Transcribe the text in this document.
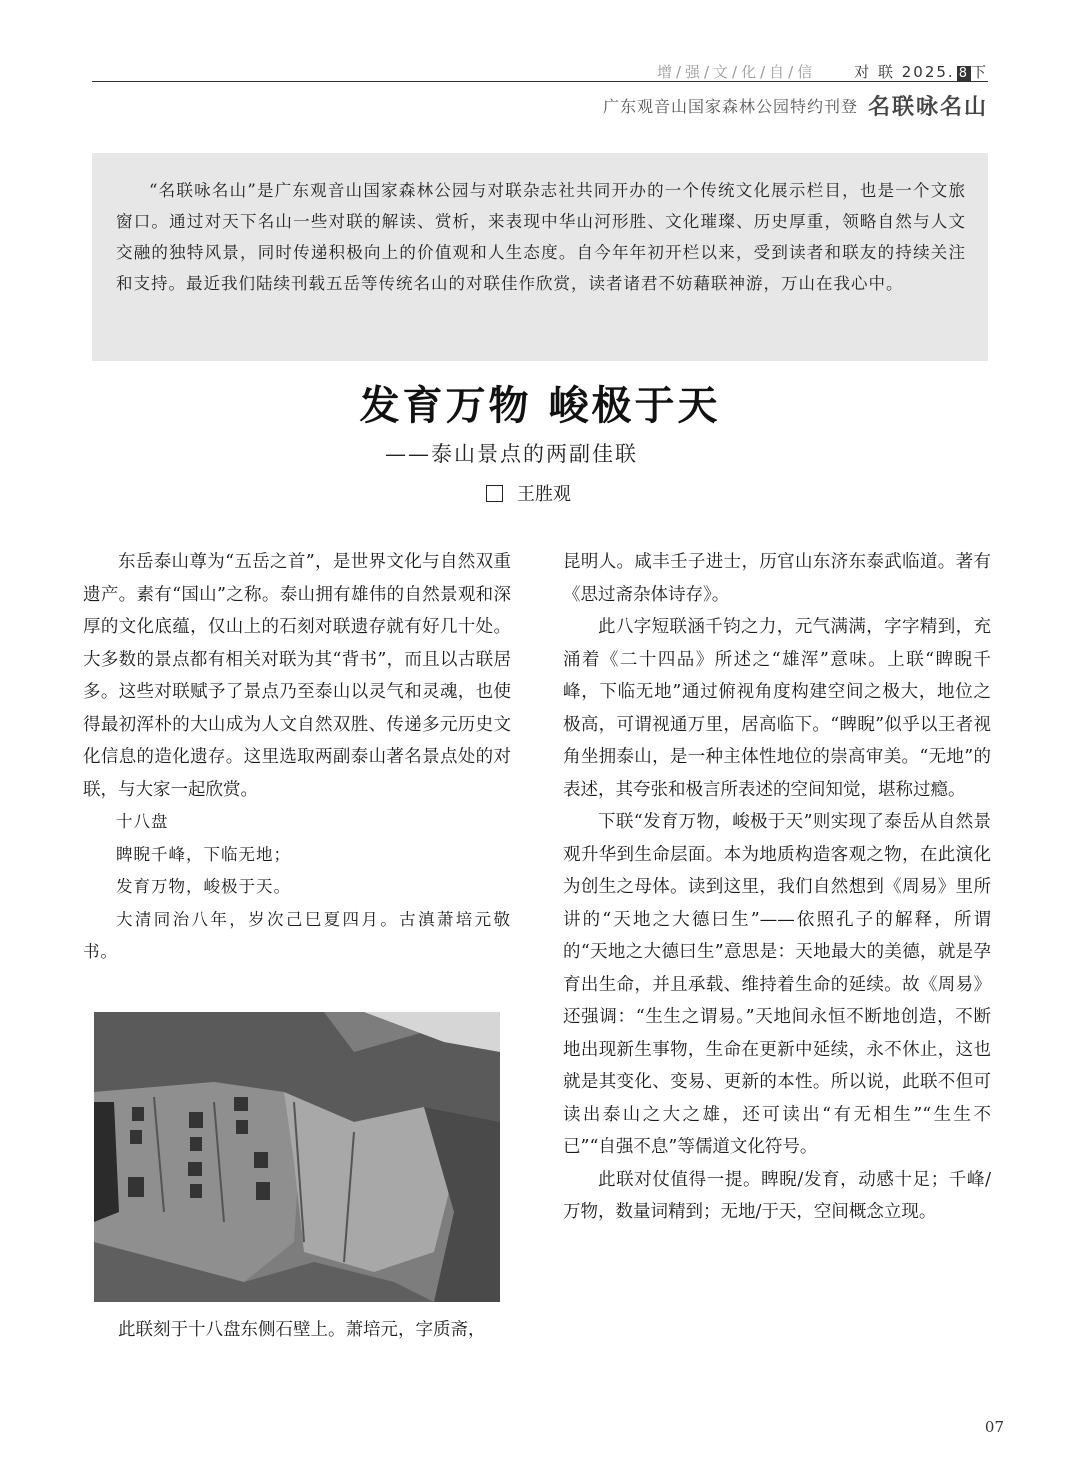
增/强/文/化/自/信	对 联 2025. 8 下
广东观音山国家森林公园特约刊登 名联咏名山

“名联咏名山”是广东观音山国家森林公园与对联杂志社共同开办的一个传统文化展示栏目，也是一个文旅窗口。通过对天下名山一些对联的解读、赏析，来表现中华山河形胜、文化璀璨、历史厚重，领略自然与人文交融的独特风景，同时传递积极向上的价值观和人生态度。自今年年初开栏以来，受到读者和联友的持续关注和支持。最近我们陆续刊载五岳等传统名山的对联佳作欣赏，读者诸君不妨藉联神游，万山在我心中。

发育万物 峻极于天
——泰山景点的两副佳联
王胜观

东岳泰山尊为“五岳之首”，是世界文化与自然双重遗产。素有“国山”之称。泰山拥有雄伟的自然景观和深厚的文化底蕴，仅山上的石刻对联遗存就有好几十处。大多数的景点都有相关对联为其“背书”，而且以古联居多。这些对联赋予了景点乃至泰山以灵气和灵魂，也使得最初浑朴的大山成为人文自然双胜、传递多元历史文化信息的造化遗存。这里选取两副泰山著名景点处的对联，与大家一起欣赏。

十八盘

睥睨千峰，下临无地；

发育万物，峻极于天。

大清同治八年，岁次己巳夏四月。古滇萧培元敬书。

此联刻于十八盘东侧石壁上。萧培元，字质斋，

昆明人。咸丰壬子进士，历官山东济东泰武临道。著有《思过斋杂体诗存》。

此八字短联涵千钧之力，元气满满，字字精到，充涌着《二十四品》所述之“雄浑”意味。上联“睥睨千峰，下临无地”通过俯视角度构建空间之极大，地位之极高，可谓视通万里，居高临下。“睥睨”似乎以王者视角坐拥泰山，是一种主体性地位的崇高审美。“无地”的表述，其夸张和极言所表述的空间知觉，堪称过瘾。

下联“发育万物，峻极于天”则实现了泰岳从自然景观升华到生命层面。本为地质构造客观之物，在此演化为创生之母体。读到这里，我们自然想到《周易》里所讲的“天地之大德曰生”——依照孔子的解释，所谓的“天地之大德曰生”意思是：天地最大的美德，就是孕育出生命，并且承载、维持着生命的延续。故《周易》还强调：“生生之谓易。”天地间永恒不断地创造，不断地出现新生事物，生命在更新中延续，永不休止，这也就是其变化、变易、更新的本性。所以说，此联不但可读出泰山之大之雄，还可读出“有无相生”“生生不已”“自强不息”等儒道文化符号。

此联对仗值得一提。睥睨/发育，动感十足；千峰/万物，数量词精到；无地/于天，空间概念立现。

07
